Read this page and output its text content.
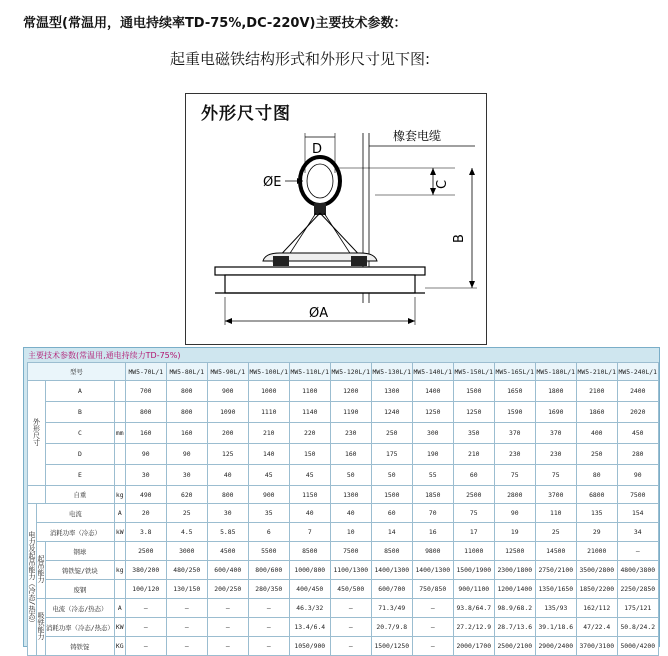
常温型(常温用，通电持续率TD-75%,DC-220V)主要技术参数：
起重电磁铁结构形式和外形尺寸见下图:
D
ØE	C
B
ØA
橡套电缆
外形尺寸图
主要技术参数(常温用,通电持续力TD-75%)
型号				MW5-70L/1	MW5-80L/1	MW5-90L/1	MW5-100L/1	MW5-110L/1	MW5-120L/1	MW5-130L/1	MW5-140L/1	MW5-150L/1	MW5-165L/1	MW5-180L/1	MW5-210L/1	MW5-240L/1
外形尺寸		A		700	800	900	1000	1100	1200	1300	1400	1500	1650	1800	2100	2400
		B		800	800	1090	1110	1140	1190	1240	1250	1250	1590	1690	1860	2020
		C	mm	160	160	200	210	220	230	250	300	350	370	370	400	450
		D		90	90	125	140	150	160	175	190	210	230	230	250	280
		E		30	30	40	45	45	50	50	55	60	75	75	80	90
		自重	kg	490	620	800	900	1150	1300	1500	1850	2500	2800	3700	6800	7500
电力及起吊能力（冷态/热态）	电流		A	20	25	30	35	40	40	60	70	75	90	110	135	154
	消耗功率（冷态）		kW	3.8	4.5	5.85	6	7	10	14	16	17	19	25	29	34
	起吊能力	钢球		2500	3000	4500	5500	8500	7500	8500	9800	11000	12500	14500	21000	—
		铸铁锭/铁块	kg	380/200	480/250	600/400	800/600	1000/800	1100/1300	1400/1300	1400/1300	1500/1900	2300/1800	2750/2100	3500/2800	4800/3800
		废钢		100/120	130/150	200/250	280/350	400/450	450/500	600/700	750/850	900/1100	1200/1400	1350/1650	1850/2200	2250/2850
	吸铁能力	电流（冷态/热态）	A	—	—	—	—	46.3/32	—	71.3/49	—	93.8/64.7	98.9/68.2	135/93	162/112	175/121
		消耗功率（冷态/热态）	KW	—	—	—	—	13.4/6.4	—	20.7/9.8	—	27.2/12.9	28.7/13.6	39.1/18.6	47/22.4	50.8/24.2
		铸铁锭	KG	—	—	—	—	1050/900	—	1500/1250	—	2000/1700	2500/2100	2900/2400	3700/3100	5000/4200
